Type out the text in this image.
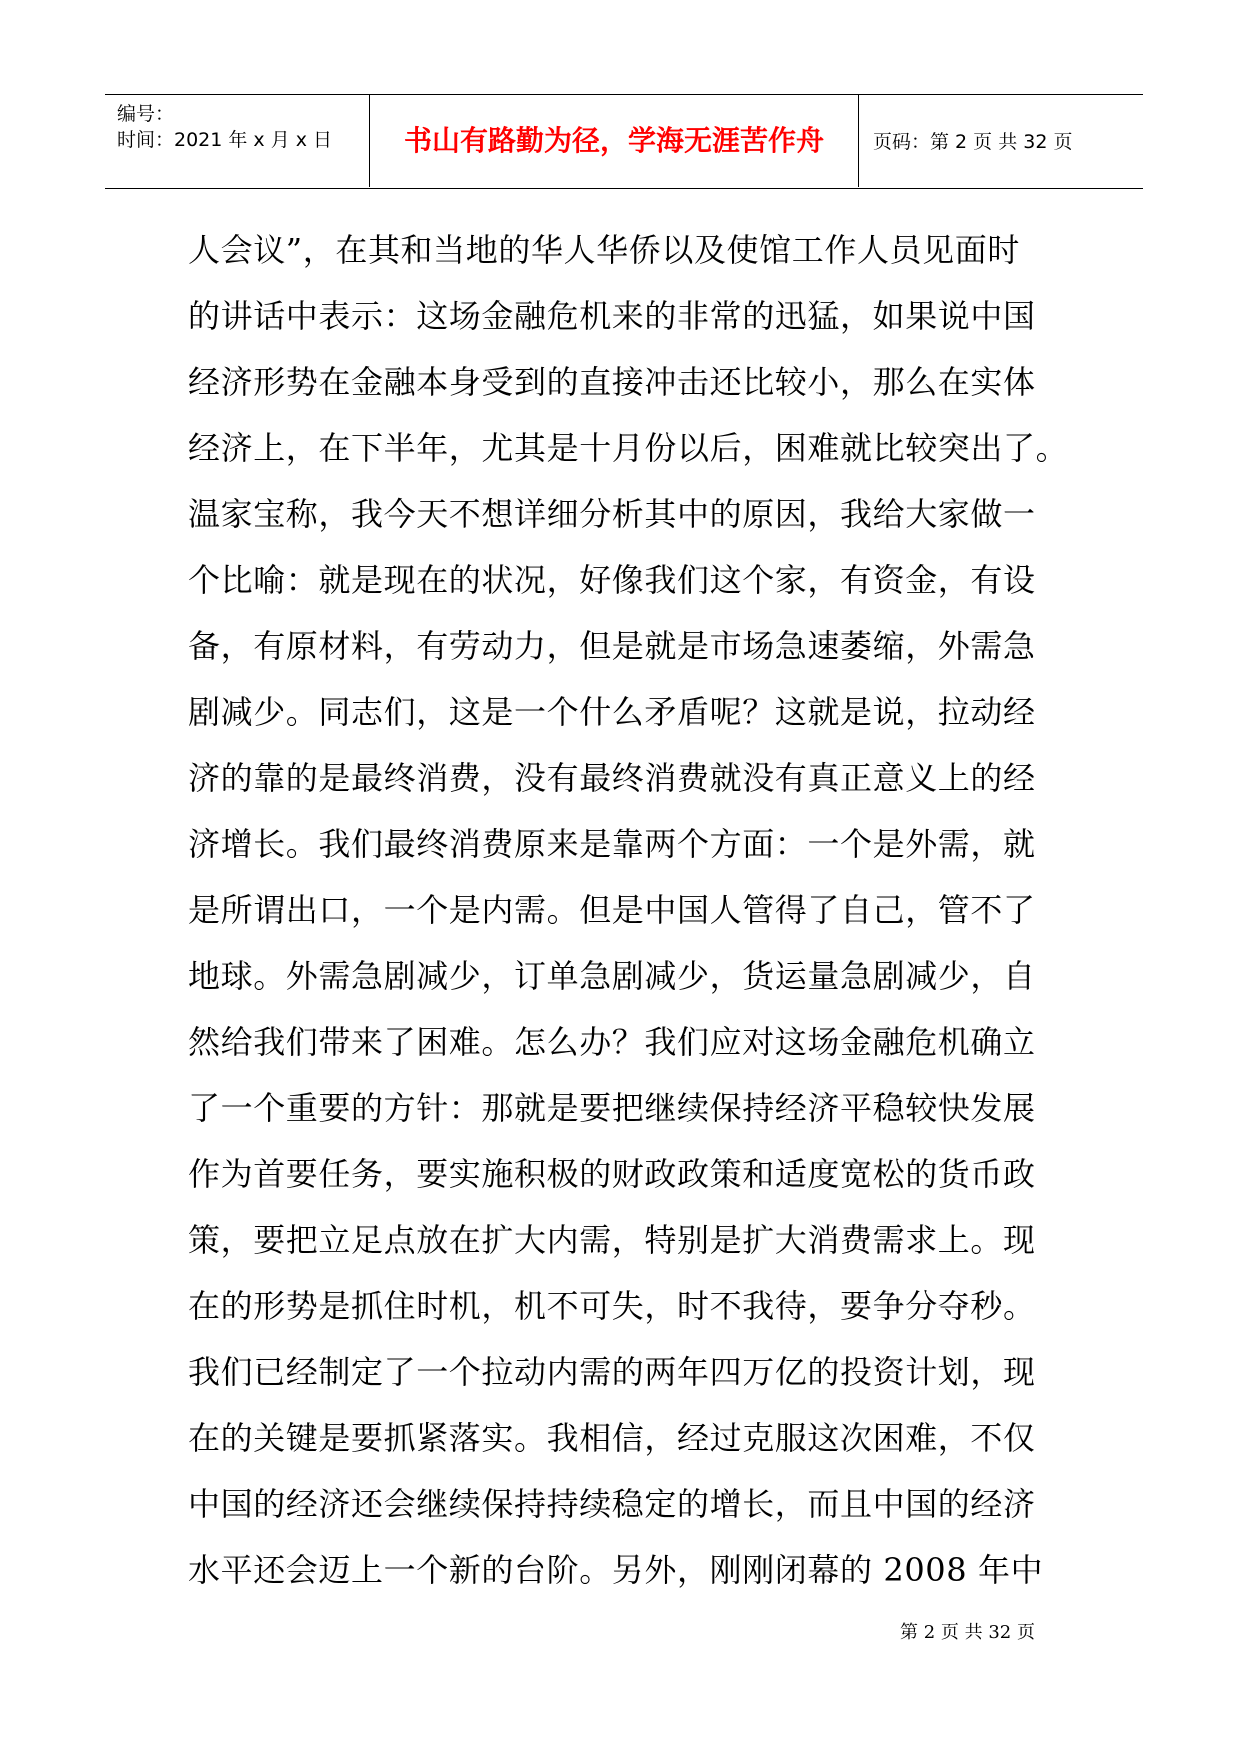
编号：
时间：2021 年 x 月 x 日	书山有路勤为径，学海无涯苦作舟	页码：第 2 页 共 32 页
人会议”，在其和当地的华人华侨以及使馆工作人员见面时
的讲话中表示：这场金融危机来的非常的迅猛，如果说中国
经济形势在金融本身受到的直接冲击还比较小，那么在实体
经济上，在下半年，尤其是十月份以后，困难就比较突出了。
温家宝称，我今天不想详细分析其中的原因，我给大家做一
个比喻：就是现在的状况，好像我们这个家，有资金，有设
备，有原材料，有劳动力，但是就是市场急速萎缩，外需急
剧减少。同志们，这是一个什么矛盾呢？这就是说，拉动经
济的靠的是最终消费，没有最终消费就没有真正意义上的经
济增长。我们最终消费原来是靠两个方面：一个是外需，就
是所谓出口，一个是内需。但是中国人管得了自己，管不了
地球。外需急剧减少，订单急剧减少，货运量急剧减少，自
然给我们带来了困难。怎么办？我们应对这场金融危机确立
了一个重要的方针：那就是要把继续保持经济平稳较快发展
作为首要任务，要实施积极的财政政策和适度宽松的货币政
策，要把立足点放在扩大内需，特别是扩大消费需求上。现
在的形势是抓住时机，机不可失，时不我待，要争分夺秒。
我们已经制定了一个拉动内需的两年四万亿的投资计划，现
在的关键是要抓紧落实。我相信，经过克服这次困难，不仅
中国的经济还会继续保持持续稳定的增长，而且中国的经济
水平还会迈上一个新的台阶。另外，刚刚闭幕的 2008 年中
第 2 页 共 32 页
